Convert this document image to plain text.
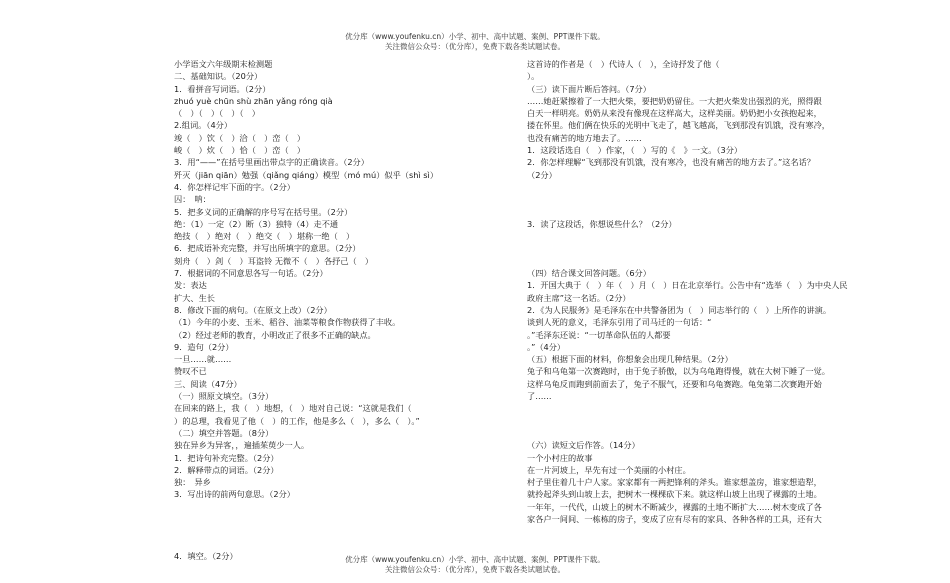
优分库（www.youfenku.cn）小学、初中、高中试题、案例、PPT课件下载。
关注微信公众号：（优分库），免费下载各类试题试卷。
小学语文六年级期末检测题
二、基础知识。（20分）
1．看拼音写词语。（2分）
zhuó yuè chūn shù zhān yǎng róng qià
（　）（　）（　）（　）
2.组词。（4分）
竣（　）饮（　）洽（　）峦（　）
峻（　）炊（　）恰（　）峦（　）
3．用“——”在括号里画出带点字的正确读音。（2分）
歼灭（jiān qiān）勉强（qiǎng qiáng）模型（mó mú）似乎（shì sì）
4．你怎样记牢下面的字。（2分）
囚：　呐：
5．把多义词的正确解的序号写在括号里。（2分）
绝：（1）一定（2）断（3）独特（4）走不通
绝技（　）绝对（　）绝交（　）堪称一绝（　）
6．把成语补充完整，并写出所填字的意思。（2分）
刻舟（　）剑（　）耳盗铃 无微不（　）各抒己（　）
7．根据词的不同意思各写一句话。（2分）
发：表达
扩大、生长
8．修改下面的病句。（在原文上改）（2分）
（1）今年的小麦、玉米、稻谷、油菜等粮食作物获得了丰收。
（2）经过老师的教育，小明改正了很多不正确的缺点。
9．造句（2分）
一旦……就……
赞叹不已
三、阅读（47分）
（一）照原文填空。（3分）
在回来的路上，我（　）地想，（　）地对自己说：“这就是我们（
）的总理，我看见了他（　）的工作，他是多么（　），多么（　）。”
（二）填空并答题。（8分）
独在异乡为异客，，遍插茱萸少一人。
1．把诗句补充完整。（2分）
2．解释带点的词语。（2分）
独：　异乡
3．写出诗的前两句意思。（2分）
4．填空。（2分）
这首诗的作者是（　）代诗人（　），全诗抒发了他（
）。
（三）读下面片断后答问。（7分）
……她赶紧擦着了一大把火柴，要把奶奶留住。一大把火柴发出强烈的光，照得跟
白天一样明亮。奶奶从来没有像现在这样高大，这样美丽。奶奶把小女孩抱起来，
搂在怀里。他们俩在快乐的光明中飞走了，越飞越高，飞到那没有饥饿，没有寒冷，
也没有痛苦的地方地去了。……
1．这段话选自（　）作家，（　）写的《　》一文。（3分）
2．你怎样理解“飞到那没有饥饿，没有寒冷，也没有痛苦的地方去了。”这名话？
（2分）
3．读了这段话，你想说些什么？（2分）
（四）结合课文回答问题。（6分）
1．开国大典于（　）年（　）月（　）日在北京举行。公告中有“选举（　）为中央人民
政府主席”这一名话。（2分）
2．《为人民服务》是毛泽东在中共警备团为（　）同志举行的（　）上所作的讲演。
谈到人死的意义，毛泽东引用了司马迁的一句话：“
。”毛泽东还说：“一切革命队伍的人都要
。”（4分）
（五）根据下面的材料，你想象会出现几种结果。（2分）
兔子和乌龟第一次赛跑时，由于兔子骄傲，以为乌龟跑得慢，就在大树下睡了一觉。
这样乌龟反而跑到前面去了，兔子不服气，还要和乌龟赛跑。龟兔第二次赛跑开始
了……
（六）读短文后作答。（14分）
一个小村庄的故事
在一片河坡上，早先有过一个美丽的小村庄。
村子里住着几十户人家。家家都有一两把锋利的斧头。谁家想盖房，谁家想造犁，
就拎起斧头到山坡上去，把树木一棵棵砍下来。就这样山坡上出现了裸露的土地。
一年年，一代代，山坡上的树木不断减少，裸露的土地不断扩大……树木变成了各
家各户一间间、一栋栋的房子，变成了应有尽有的家具、各种各样的工具，还有大
优分库（www.youfenku.cn）小学、初中、高中试题、案例、PPT课件下载。
关注微信公众号：（优分库），免费下载各类试题试卷。
